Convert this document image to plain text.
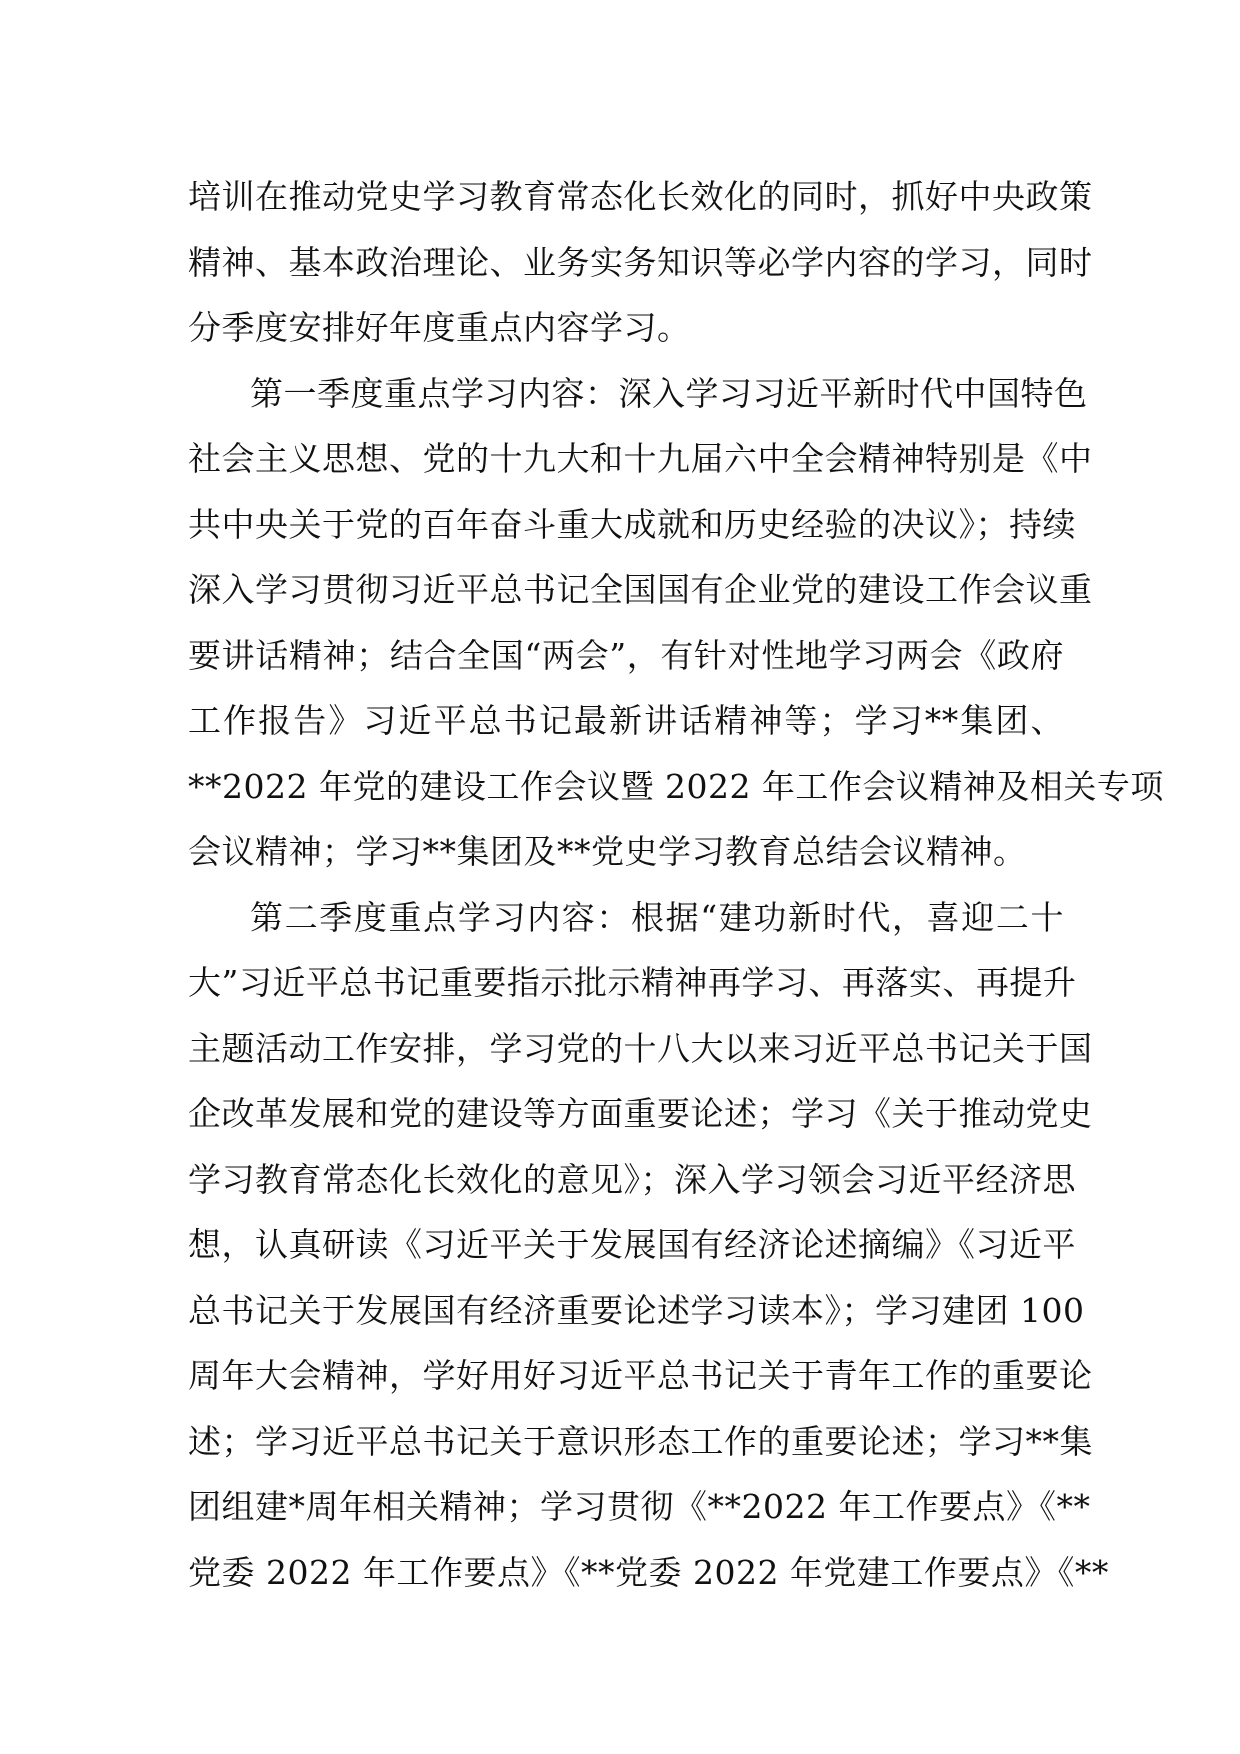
培训在推动党史学习教育常态化长效化的同时，抓好中央政策
精神、基本政治理论、业务实务知识等必学内容的学习，同时
分季度安排好年度重点内容学习。
第一季度重点学习内容：深入学习习近平新时代中国特色
社会主义思想、党的十九大和十九届六中全会精神特别是《中
共中央关于党的百年奋斗重大成就和历史经验的决议》；持续
深入学习贯彻习近平总书记全国国有企业党的建设工作会议重
要讲话精神；结合全国“两会”，有针对性地学习两会《政府
工作报告》习近平总书记最新讲话精神等；学习**集团、
**2022 年党的建设工作会议暨 2022 年工作会议精神及相关专项
会议精神；学习**集团及**党史学习教育总结会议精神。
第二季度重点学习内容：根据“建功新时代，喜迎二十
大”习近平总书记重要指示批示精神再学习、再落实、再提升
主题活动工作安排，学习党的十八大以来习近平总书记关于国
企改革发展和党的建设等方面重要论述；学习《关于推动党史
学习教育常态化长效化的意见》；深入学习领会习近平经济思
想，认真研读《习近平关于发展国有经济论述摘编》《习近平
总书记关于发展国有经济重要论述学习读本》；学习建团 100
周年大会精神，学好用好习近平总书记关于青年工作的重要论
述；学习近平总书记关于意识形态工作的重要论述；学习**集
团组建*周年相关精神；学习贯彻《**2022 年工作要点》《**
党委 2022 年工作要点》《**党委 2022 年党建工作要点》《**
